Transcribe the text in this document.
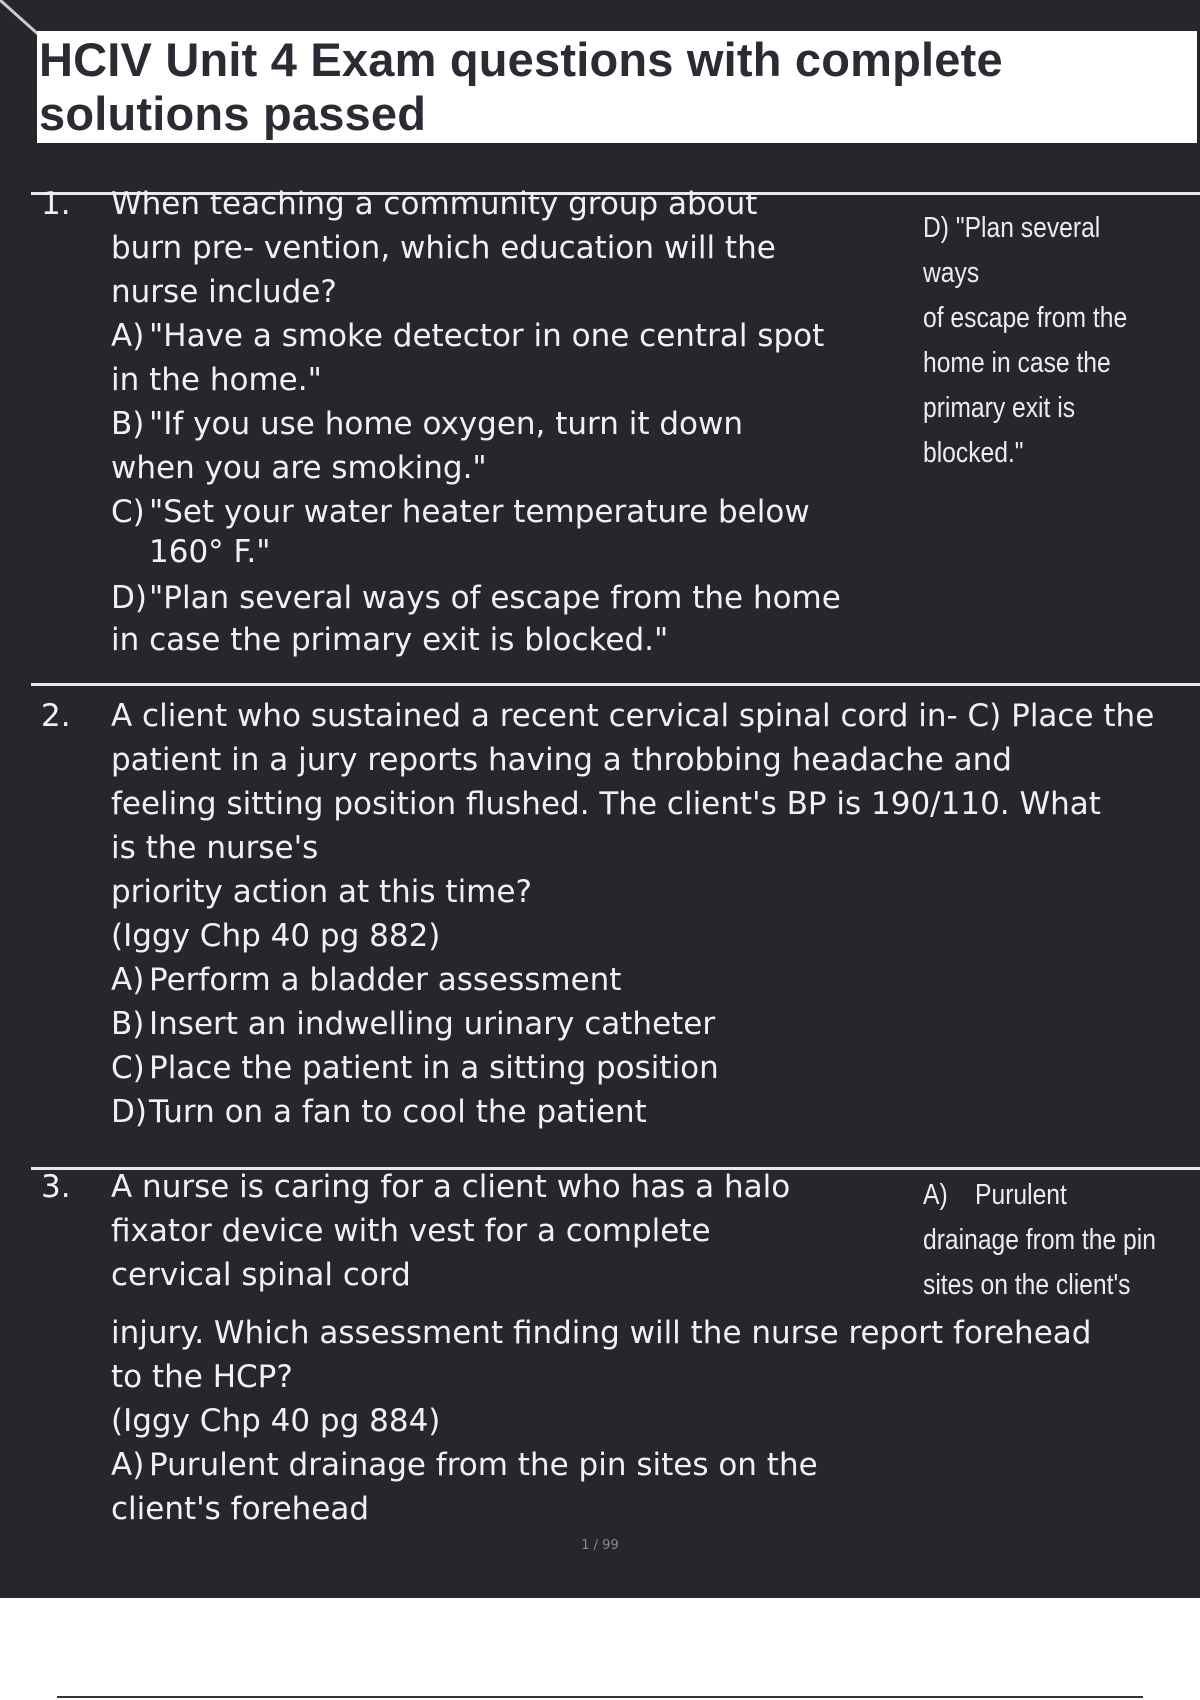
HCIV Unit 4 Exam questions with complete solutions passed
1. When teaching a community group about
burn pre- vention, which education will the
nurse include?
A) "Have a smoke detector in one central spot
in the home."
B) "If you use home oxygen, turn it down
when you are smoking."
C) "Set your water heater temperature below
160° F."
D) "Plan several ways of escape from the home
in case the primary exit is blocked."
D) "Plan several ways
of escape from the
home in case the
primary exit is
blocked."
2. A client who sustained a recent cervical spinal cord in- C) Place the
patient in a jury reports having a throbbing headache and
feeling sitting position flushed. The client's BP is 190/110. What
is the nurse's
priority action at this time?
(Iggy Chp 40 pg 882)
A) Perform a bladder assessment
B) Insert an indwelling urinary catheter
C) Place the patient in a sitting position
D) Turn on a fan to cool the patient
3. A nurse is caring for a client who has a halo
fixator device with vest for a complete
cervical spinal cord
injury. Which assessment finding will the nurse report forehead
to the HCP?
(Iggy Chp 40 pg 884)
A) Purulent drainage from the pin sites on the
client's forehead
A)    Purulent
drainage from the pin
sites on the client's
1 / 99
